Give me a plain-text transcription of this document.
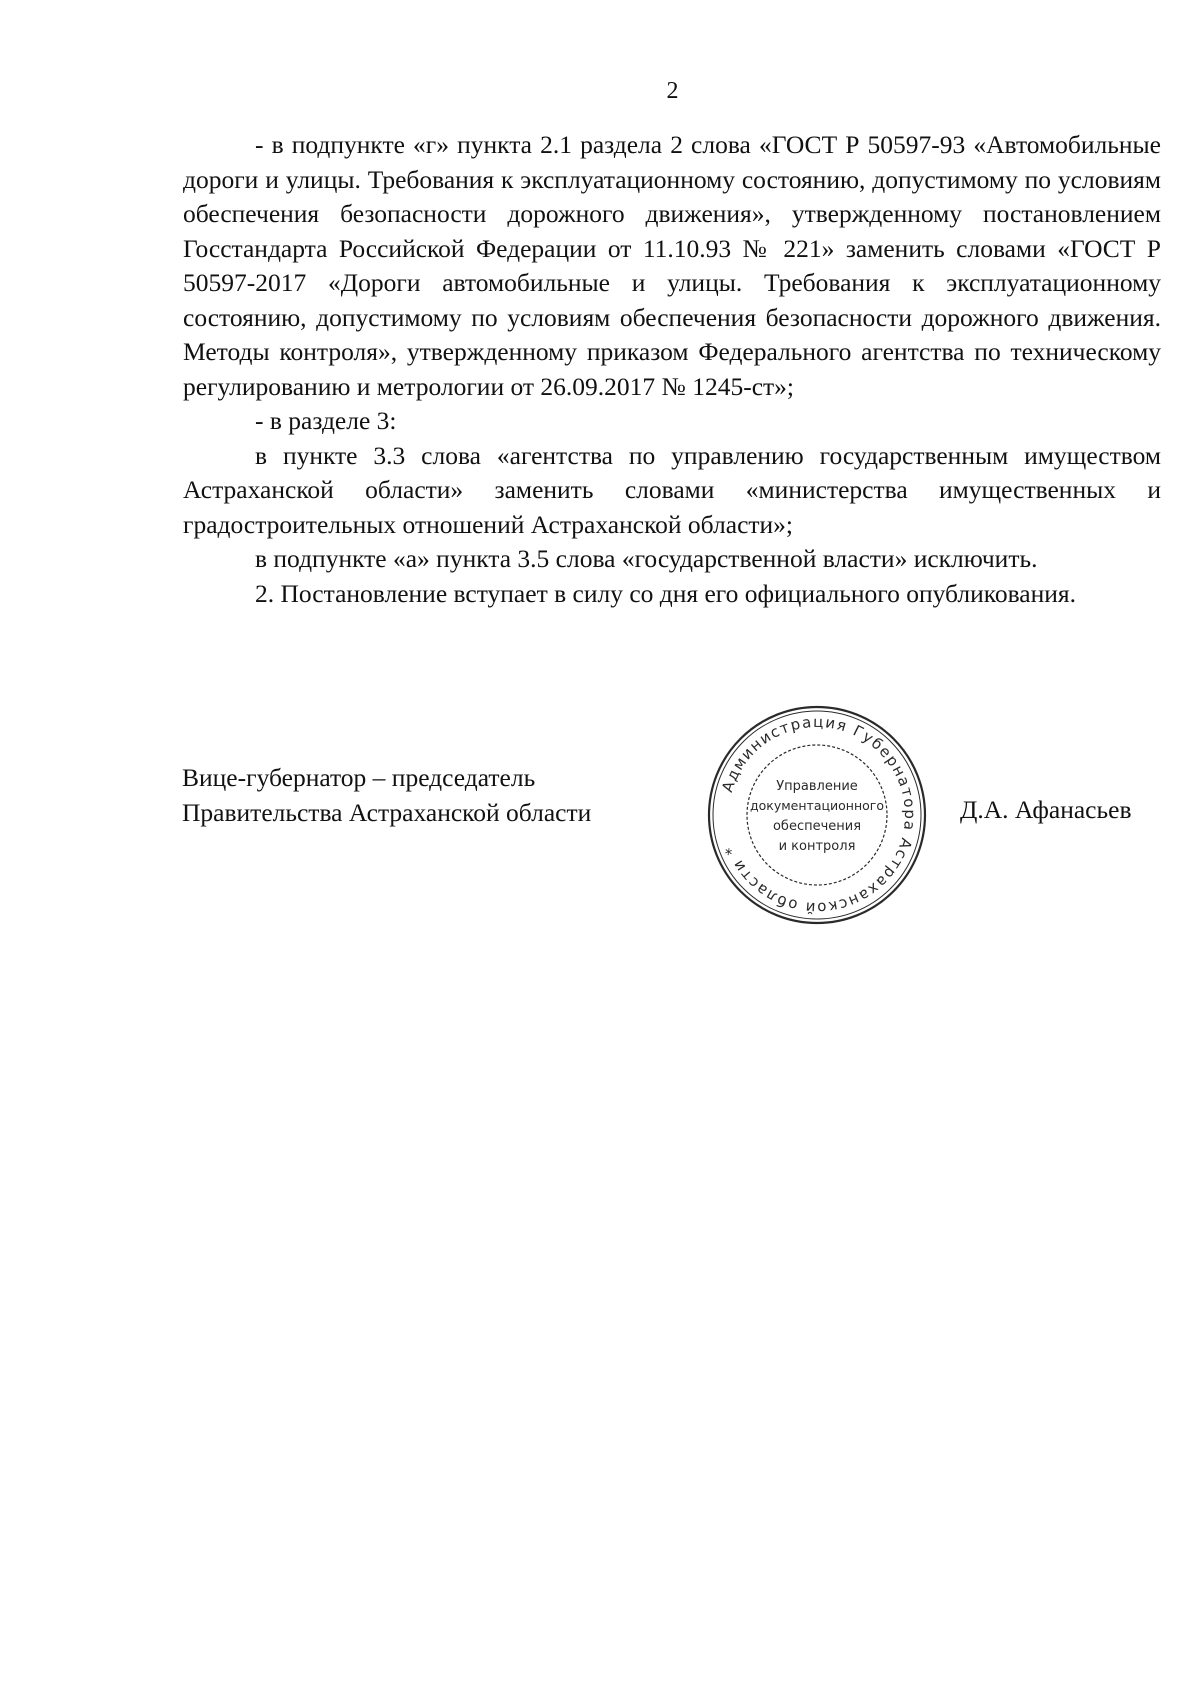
2

- в подпункте «г» пункта 2.1 раздела 2 слова «ГОСТ Р 50597-93 «Автомобильные дороги и улицы. Требования к эксплуатационному состоянию, допустимому по условиям обеспечения безопасности дорожного движения», утвержденному постановлением Госстандарта Российской Федерации от 11.10.93 № 221» заменить словами «ГОСТ Р 50597-2017 «Дороги автомобильные и улицы. Требования к эксплуатационному состоянию, допустимому по условиям обеспечения безопасности дорожного движения. Методы контроля», утвержденному приказом Федерального агентства по техническому регулированию и метрологии от 26.09.2017 № 1245-ст»;

- в разделе 3:

в пункте 3.3 слова «агентства по управлению государственным имуществом Астраханской области» заменить словами «министерства имущественных и градостроительных отношений Астраханской области»;

в подпункте «а» пункта 3.5 слова «государственной власти» исключить.

2. Постановление вступает в силу со дня его официального опубликования.

Вице-губернатор – председатель
Правительства Астраханской области	Д.А. Афанасьев
Администрация Губернатора Астраханской области *
Управление
документационного
обеспечения
и контроля
